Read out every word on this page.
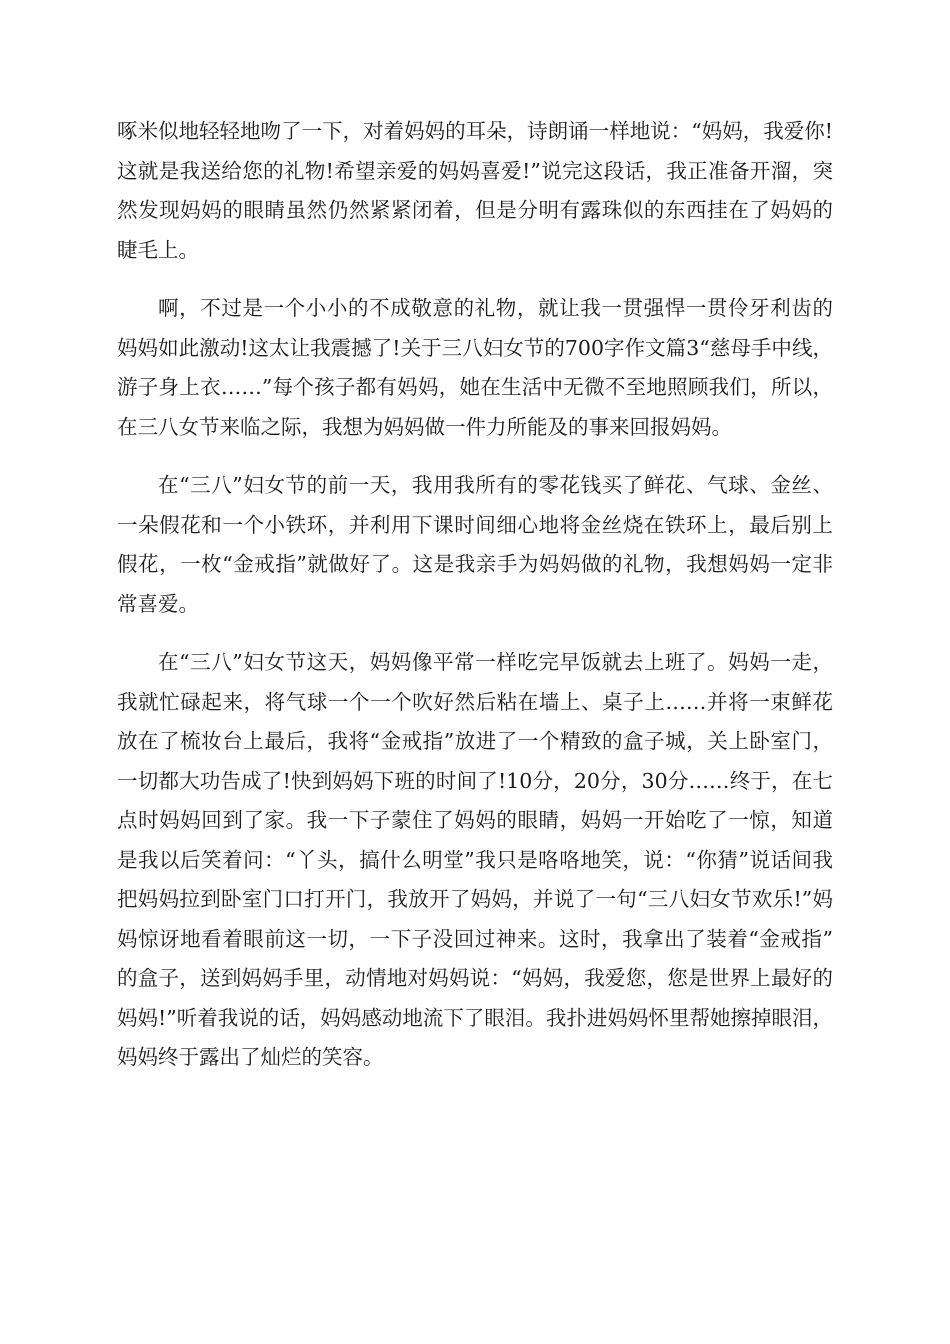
啄米似地轻轻地吻了一下，对着妈妈的耳朵，诗朗诵一样地说：“妈妈，我爱你!这就是我送给您的礼物!希望亲爱的妈妈喜爱!”说完这段话，我正准备开溜，突然发现妈妈的眼睛虽然仍然紧紧闭着，但是分明有露珠似的东西挂在了妈妈的睫毛上。

啊，不过是一个小小的不成敬意的礼物，就让我一贯强悍一贯伶牙利齿的妈妈如此激动!这太让我震撼了!关于三八妇女节的700字作文篇3“慈母手中线，游子身上衣……”每个孩子都有妈妈，她在生活中无微不至地照顾我们，所以，在三八女节来临之际，我想为妈妈做一件力所能及的事来回报妈妈。

在“三八”妇女节的前一天，我用我所有的零花钱买了鲜花、气球、金丝、一朵假花和一个小铁环，并利用下课时间细心地将金丝烧在铁环上，最后别上假花，一枚“金戒指”就做好了。这是我亲手为妈妈做的礼物，我想妈妈一定非常喜爱。

在“三八”妇女节这天，妈妈像平常一样吃完早饭就去上班了。妈妈一走，我就忙碌起来，将气球一个一个吹好然后粘在墙上、桌子上……并将一束鲜花放在了梳妆台上最后，我将“金戒指”放进了一个精致的盒子城，关上卧室门，一切都大功告成了!快到妈妈下班的时间了!10分，20分，30分……终于，在七点时妈妈回到了家。我一下子蒙住了妈妈的眼睛，妈妈一开始吃了一惊，知道是我以后笑着问：“丫头，搞什么明堂”我只是咯咯地笑，说：“你猜”说话间我把妈妈拉到卧室门口打开门，我放开了妈妈，并说了一句“三八妇女节欢乐!”妈妈惊讶地看着眼前这一切，一下子没回过神来。这时，我拿出了装着“金戒指”的盒子，送到妈妈手里，动情地对妈妈说：“妈妈，我爱您，您是世界上最好的妈妈!”听着我说的话，妈妈感动地流下了眼泪。我扑进妈妈怀里帮她擦掉眼泪，妈妈终于露出了灿烂的笑容。
